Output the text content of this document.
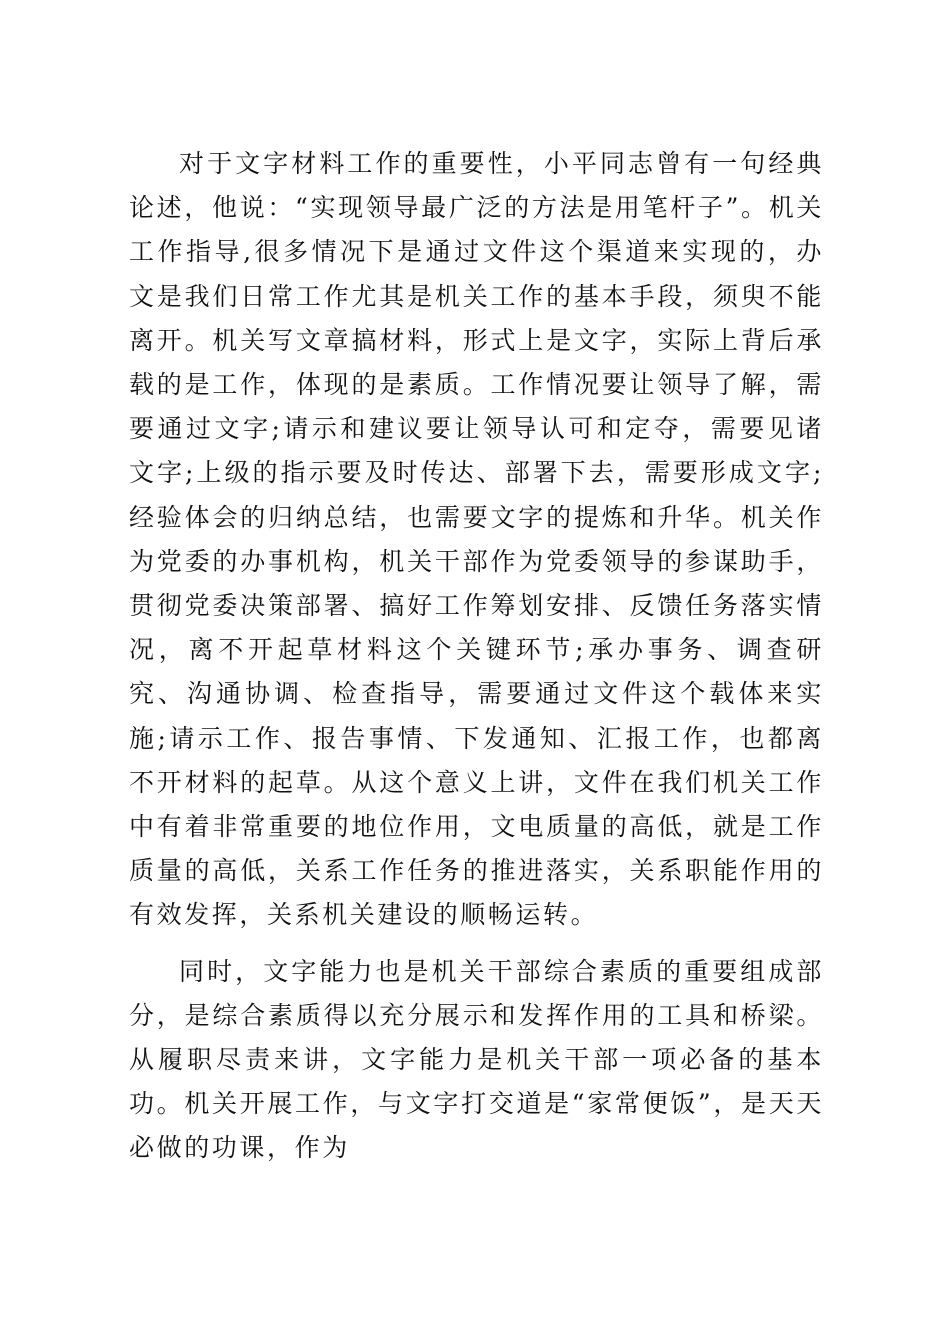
对于文字材料工作的重要性，小平同志曾有一句经典论述，他说：“实现领导最广泛的方法是用笔杆子”。机关工作指导,很多情况下是通过文件这个渠道来实现的，办文是我们日常工作尤其是机关工作的基本手段，须臾不能离开。机关写文章搞材料，形式上是文字，实际上背后承载的是工作，体现的是素质。工作情况要让领导了解，需要通过文字;请示和建议要让领导认可和定夺，需要见诸文字;上级的指示要及时传达、部署下去，需要形成文字;经验体会的归纳总结，也需要文字的提炼和升华。机关作为党委的办事机构，机关干部作为党委领导的参谋助手，贯彻党委决策部署、搞好工作筹划安排、反馈任务落实情况，离不开起草材料这个关键环节;承办事务、调查研究、沟通协调、检查指导，需要通过文件这个载体来实施;请示工作、报告事情、下发通知、汇报工作，也都离不开材料的起草。从这个意义上讲，文件在我们机关工作中有着非常重要的地位作用，文电质量的高低，就是工作质量的高低，关系工作任务的推进落实，关系职能作用的有效发挥，关系机关建设的顺畅运转。

同时，文字能力也是机关干部综合素质的重要组成部分，是综合素质得以充分展示和发挥作用的工具和桥梁。从履职尽责来讲，文字能力是机关干部一项必备的基本功。机关开展工作，与文字打交道是“家常便饭”，是天天必做的功课，作为
